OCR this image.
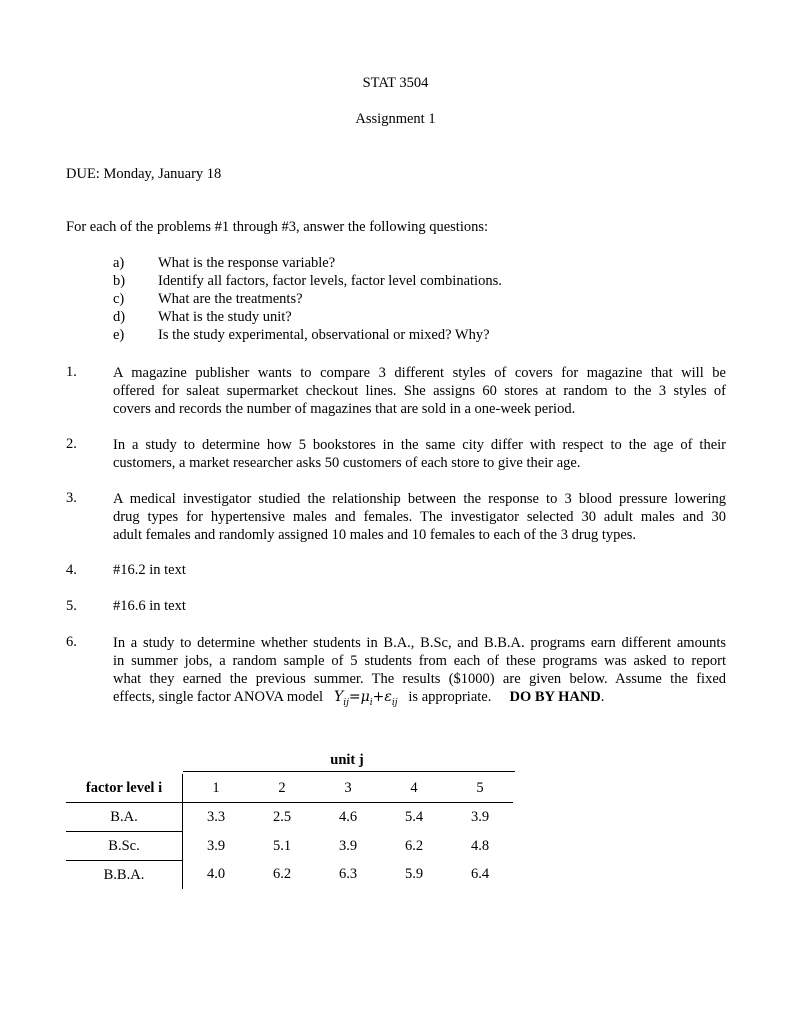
STAT 3504
Assignment 1
DUE: Monday, January 18
For each of the problems #1 through #3, answer the following questions:
a) What is the response variable?
b) Identify all factors, factor levels, factor level combinations.
c) What are the treatments?
d) What is the study unit?
e) Is the study experimental, observational or mixed? Why?
1. A magazine publisher wants to compare 3 different styles of covers for magazine that will be
offered for saleat supermarket checkout lines. She assigns 60 stores at random to the 3 styles of
covers and records the number of magazines that are sold in a one-week period.
2. In a study to determine how 5 bookstores in the same city differ with respect to the age of their
customers, a market researcher asks 50 customers of each store to give their age.
3. A medical investigator studied the relationship between the response to 3 blood pressure lowering
drug types for hypertensive males and females. The investigator selected 30 adult males and 30
adult females and randomly assigned 10 males and 10 females to each of the 3 drug types.
4. #16.2 in text
5. #16.6 in text
6. In a study to determine whether students in B.A., B.Sc, and B.B.A. programs earn different amounts
in summer jobs, a random sample of 5 students from each of these programs was asked to report
what they earned the previous summer. The results ($1000) are given below. Assume the fixed
effects, single factor ANOVA model $Y_{ij}=\mu_i+\varepsilon_{ij}$ is appropriate. DO BY HAND.
unit j
factor level i	1	2	3	4	5
B.A.	3.3	2.5	4.6	5.4	3.9
B.Sc.	3.9	5.1	3.9	6.2	4.8
B.B.A.	4.0	6.2	6.3	5.9	6.4
